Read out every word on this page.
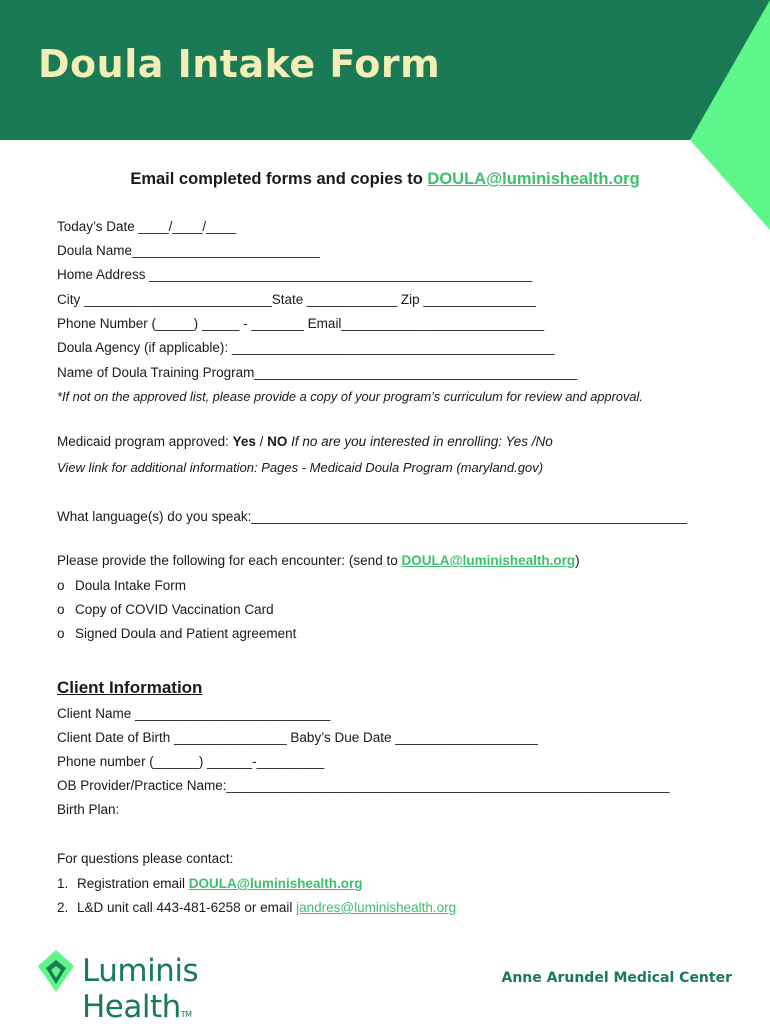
Doula Intake Form
Email completed forms and copies to DOULA@luminishealth.org
Today’s Date ____/____/____
Doula Name_________________________
Home Address ___________________________________________________
City _________________________State ____________ Zip _______________
Phone Number (_____) _____ - _______ Email___________________________
Doula Agency (if applicable): ___________________________________________
Name of Doula Training Program___________________________________________
*If not on the approved list, please provide a copy of your program’s curriculum for review and approval.
Medicaid program approved: Yes / NO If no are you interested in enrolling: Yes /No
View link for additional information: Pages - Medicaid Doula Program (maryland.gov)
What language(s) do you speak:__________________________________________________________
Please provide the following for each encounter: (send to DOULA@luminishealth.org)
o Doula Intake Form
o Copy of COVID Vaccination Card
o Signed Doula and Patient agreement
Client Information
Client Name __________________________
Client Date of Birth _______________ Baby’s Due Date ___________________
Phone number (______) ______-_________
OB Provider/Practice Name:___________________________________________________________
Birth Plan:
For questions please contact:
1. Registration email DOULA@luminishealth.org
2. L&D unit call 443-481-6258 or email jandres@luminishealth.org
Luminis HealthTM
Anne Arundel Medical Center
